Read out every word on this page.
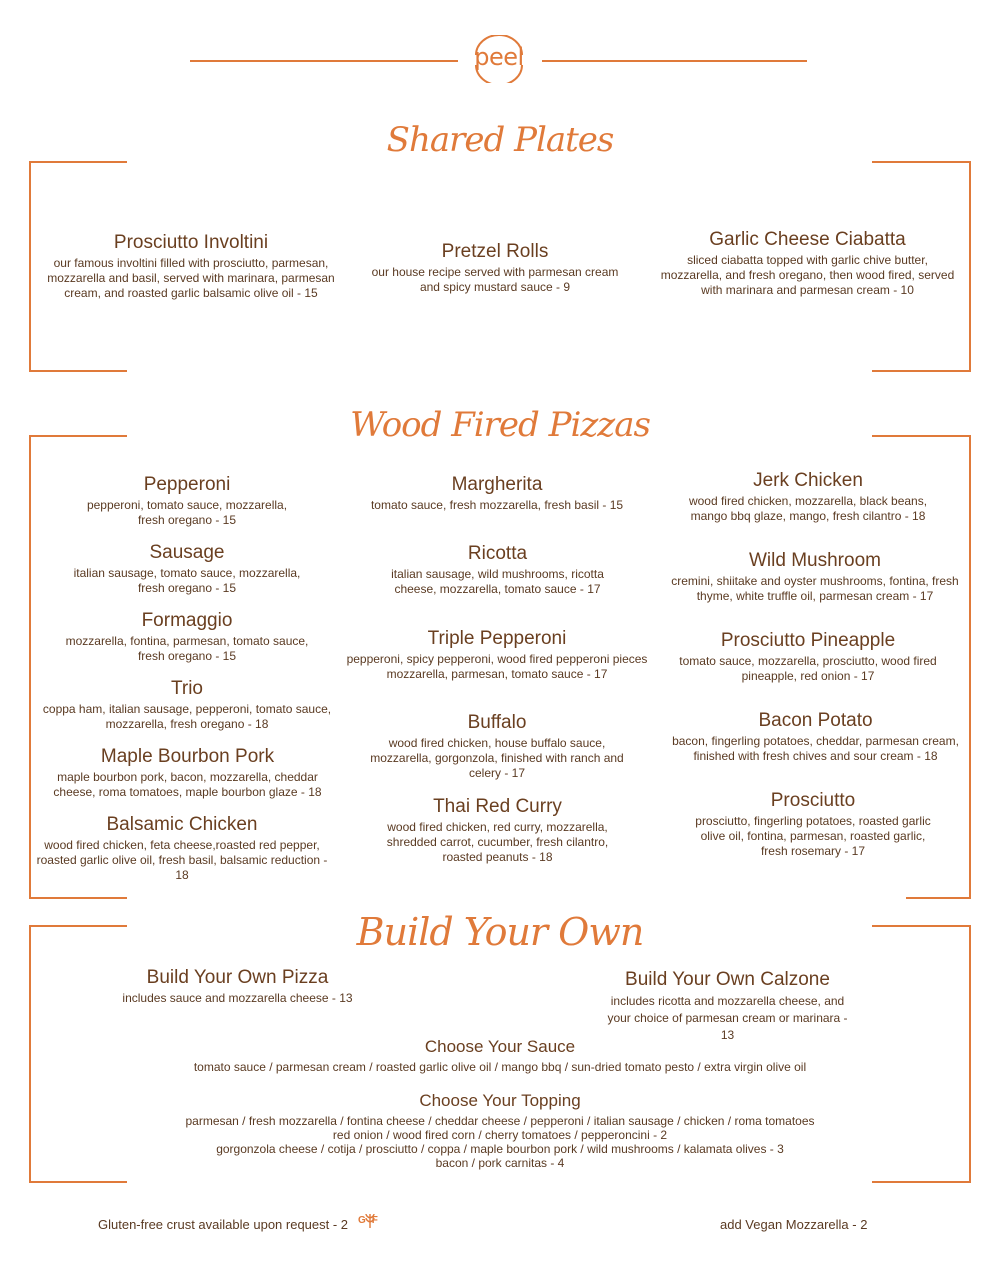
peel
Shared Plates
Prosciutto Involtini
our famous involtini filled with prosciutto, parmesan, mozzarella and basil, served with marinara, parmesan cream, and roasted garlic balsamic olive oil - 15
Pretzel Rolls
our house recipe served with parmesan cream and spicy mustard sauce - 9
Garlic Cheese Ciabatta
sliced ciabatta topped with garlic chive butter, mozzarella, and fresh oregano, then wood fired, served with marinara and parmesan cream - 10
Wood Fired Pizzas
Pepperoni
pepperoni, tomato sauce, mozzarella, fresh oregano - 15
Sausage
italian sausage, tomato sauce, mozzarella, fresh oregano - 15
Formaggio
mozzarella, fontina, parmesan, tomato sauce, fresh oregano - 15
Trio
coppa ham, italian sausage, pepperoni, tomato sauce, mozzarella, fresh oregano - 18
Maple Bourbon Pork
maple bourbon pork, bacon, mozzarella, cheddar cheese, roma tomatoes, maple bourbon glaze - 18
Balsamic Chicken
wood fired chicken, feta cheese,roasted red pepper, roasted garlic olive oil, fresh basil, balsamic reduction - 18
Margherita
tomato sauce, fresh mozzarella, fresh basil - 15
Ricotta
italian sausage, wild mushrooms, ricotta cheese, mozzarella, tomato sauce - 17
Triple Pepperoni
pepperoni, spicy pepperoni, wood fired pepperoni pieces mozzarella, parmesan, tomato sauce - 17
Buffalo
wood fired chicken, house buffalo sauce, mozzarella, gorgonzola, finished with ranch and celery - 17
Thai Red Curry
wood fired chicken, red curry, mozzarella, shredded carrot, cucumber, fresh cilantro, roasted peanuts - 18
Jerk Chicken
wood fired chicken, mozzarella, black beans, mango bbq glaze, mango, fresh cilantro - 18
Wild Mushroom
cremini, shiitake and oyster mushrooms, fontina, fresh thyme, white truffle oil, parmesan cream - 17
Prosciutto Pineapple
tomato sauce, mozzarella, prosciutto, wood fired pineapple, red onion - 17
Bacon Potato
bacon, fingerling potatoes, cheddar, parmesan cream, finished with fresh chives and sour cream - 18
Prosciutto
prosciutto, fingerling potatoes, roasted garlic olive oil, fontina, parmesan, roasted garlic, fresh rosemary - 17
Build Your Own
Build Your Own Pizza
includes sauce and mozzarella cheese - 13
Build Your Own Calzone
includes ricotta and mozzarella cheese, and your choice of parmesan cream or marinara - 13
Choose Your Sauce
tomato sauce / parmesan cream / roasted garlic olive oil / mango bbq / sun-dried tomato pesto / extra virgin olive oil
Choose Your Topping
parmesan / fresh mozzarella / fontina cheese / cheddar cheese / pepperoni / italian sausage / chicken / roma tomatoes
red onion / wood fired corn / cherry tomatoes / pepperoncini - 2
gorgonzola cheese / cotija / prosciutto / coppa / maple bourbon pork / wild mushrooms / kalamata olives - 3
bacon / pork carnitas - 4
Gluten-free crust available upon request - 2 GF	add Vegan Mozzarella - 2
